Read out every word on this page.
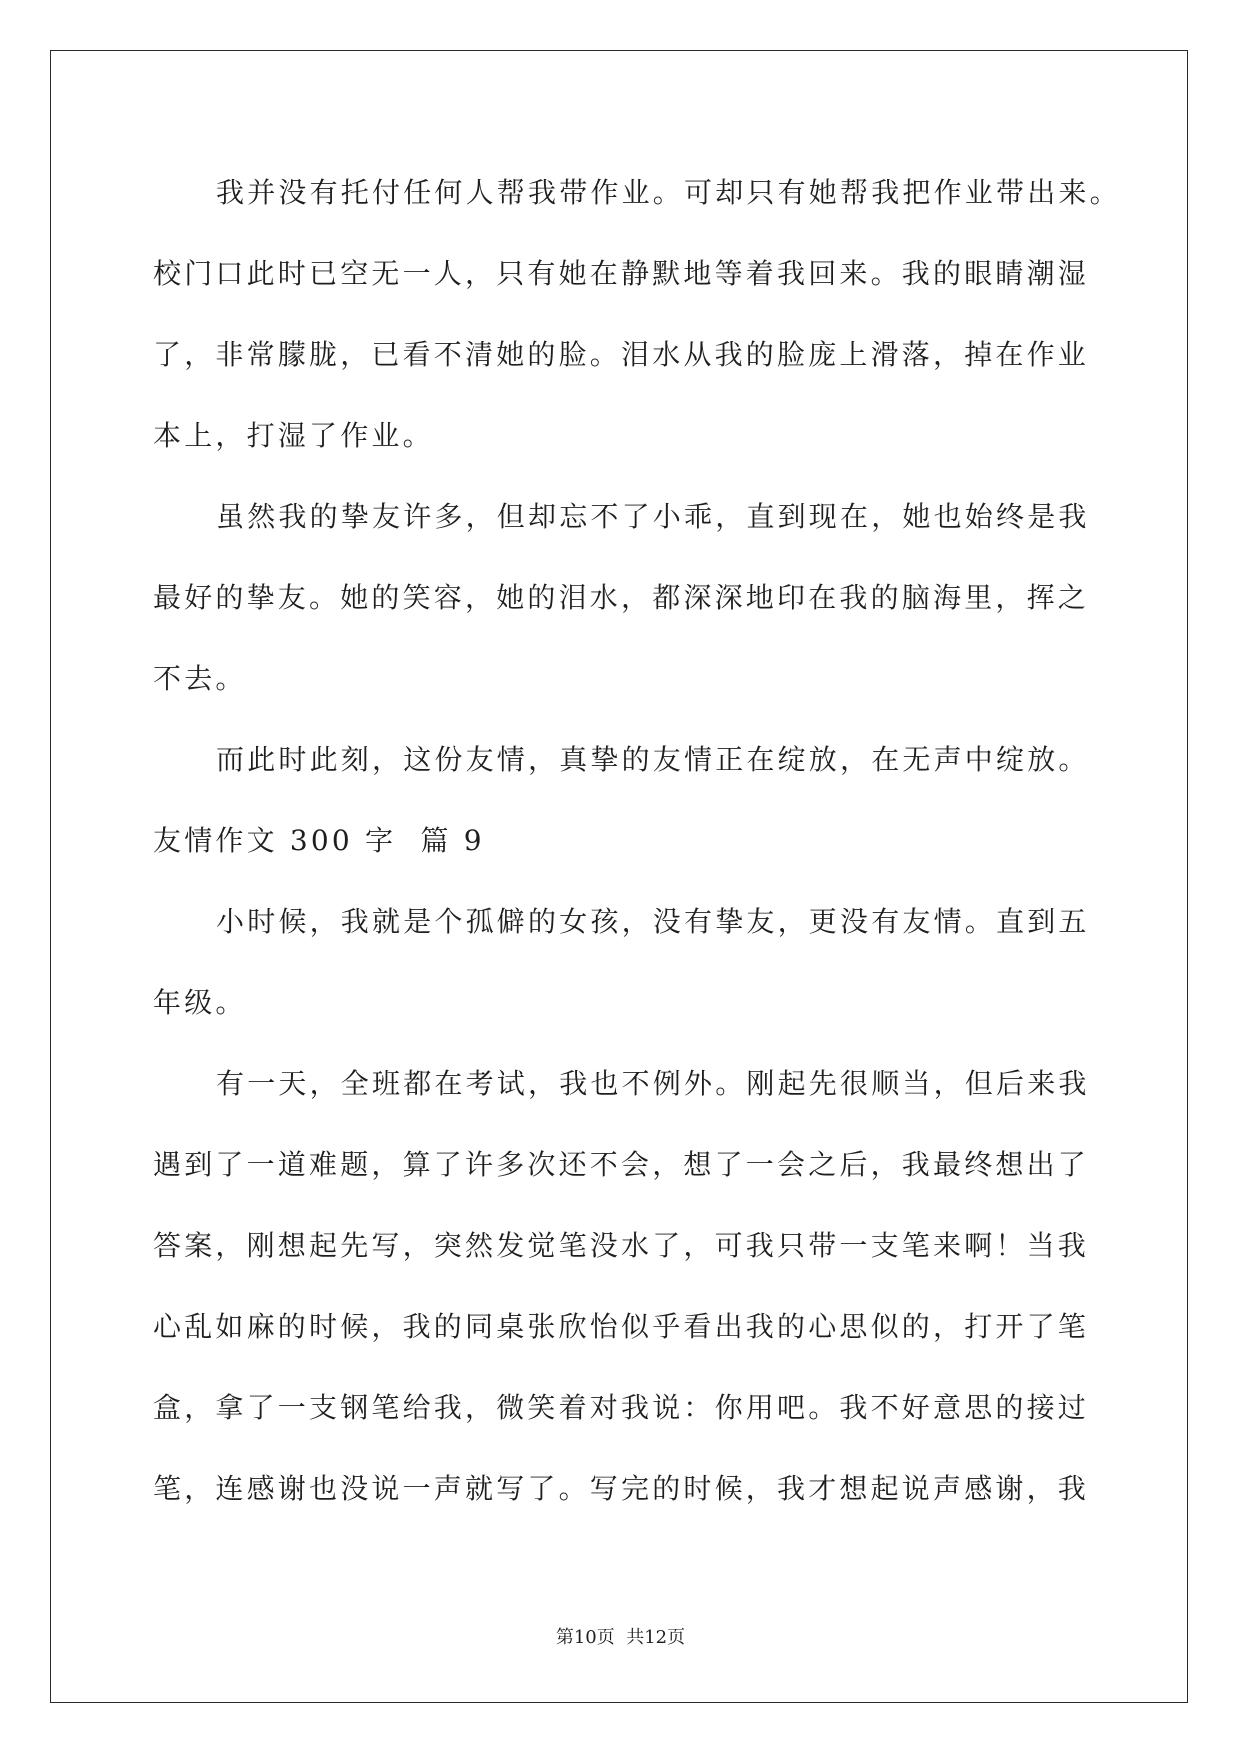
我并没有托付任何人帮我带作业。可却只有她帮我把作业带出来。
校门口此时已空无一人，只有她在静默地等着我回来。我的眼睛潮湿
了，非常朦胧，已看不清她的脸。泪水从我的脸庞上滑落，掉在作业
本上，打湿了作业。
虽然我的挚友许多，但却忘不了小乖，直到现在，她也始终是我
最好的挚友。她的笑容，她的泪水，都深深地印在我的脑海里，挥之
不去。
而此时此刻，这份友情，真挚的友情正在绽放，在无声中绽放。
友情作文 300 字  篇 9
小时候，我就是个孤僻的女孩，没有挚友，更没有友情。直到五
年级。
有一天，全班都在考试，我也不例外。刚起先很顺当，但后来我
遇到了一道难题，算了许多次还不会，想了一会之后，我最终想出了
答案，刚想起先写，突然发觉笔没水了，可我只带一支笔来啊！当我
心乱如麻的时候，我的同桌张欣怡似乎看出我的心思似的，打开了笔
盒，拿了一支钢笔给我，微笑着对我说：你用吧。我不好意思的接过
笔，连感谢也没说一声就写了。写完的时候，我才想起说声感谢，我
第10页  共12页
